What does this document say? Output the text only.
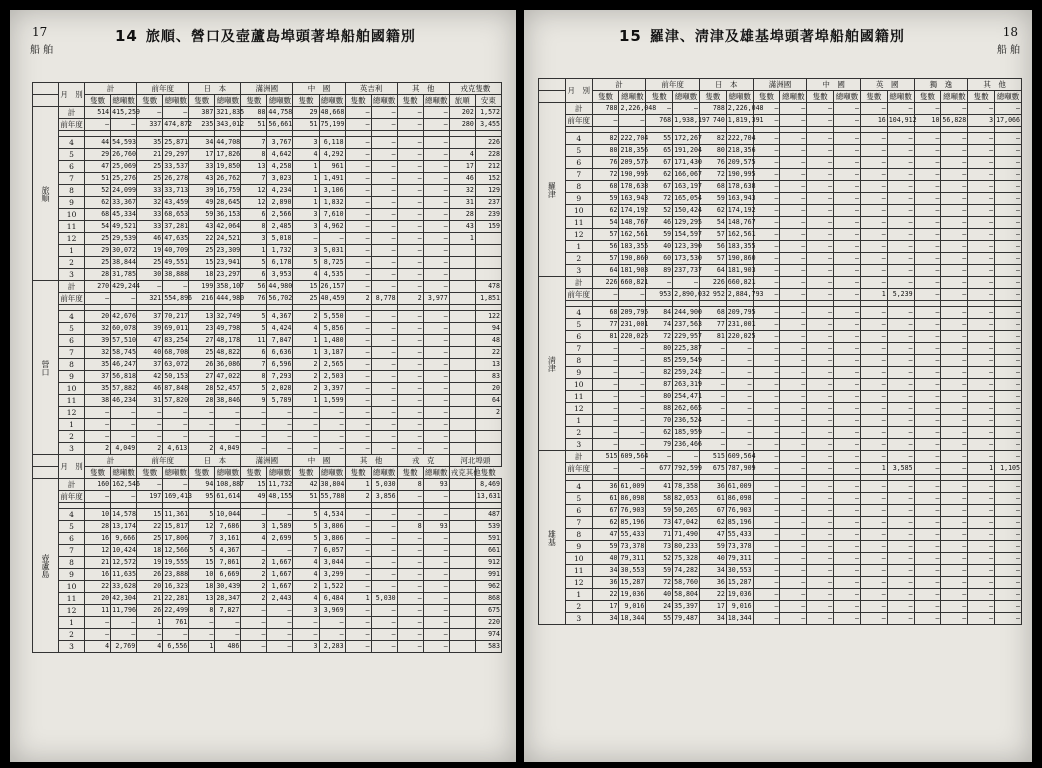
17
船 舶
14 旅順、營口及壺蘆島埠頭著埠船舶國籍別
	月　別	計		前年度		日　本		滿洲國		中　國		英吉利		其　他		戎克隻數	
		隻數	總噸數	隻數	總噸數	隻數	總噸數	隻數	總噸數	隻數	總噸數	隻數	總噸數	隻數	總噸數	旅順	安東
旅順	計	514	415,259	—	—	387	321,835	88	44,758	29	48,668	—	—	—	—	202	1,572
	前年度	—	—	337	474,872	235	343,012	51	56,661	51	75,199	—	—	—	—	280	3,455

	4	44	54,593	35	25,871	34	44,708	7	3,767	3	6,118	—	—	—	—		226
	5	29	26,760	21	29,297	17	17,826	8	4,642	4	4,292	—	—	—	—	4	228
	6	47	25,069	25	33,537	33	19,850	13	4,258	1	961	—	—	—	—	17	212
	7	51	25,276	25	26,278	43	26,762	7	3,023	1	1,491	—	—	—	—	46	152
	8	52	24,099	33	33,713	39	16,759	12	4,234	1	3,106	—	—	—	—	32	129
	9	62	33,367	32	43,459	49	28,645	12	2,890	1	1,832	—	—	—	—	31	237
	10	68	45,334	33	68,653	59	36,153	6	2,566	3	7,610	—	—	—	—	28	239
	11	54	49,521	33	37,281	43	42,064	8	2,485	3	4,962	—	—	—	—	43	159
	12	25	29,539	46	47,635	22	24,521	3	5,018	—	—	—	—	—	—	1	
	1	29	30,072	19	40,709	25	23,309	1	1,732	3	5,031	—	—	—	—		
	2	25	38,844	25	49,551	15	23,941	5	6,178	5	8,725	—	—	—	—		
	3	28	31,785	30	38,888	18	23,297	6	3,953	4	4,535	—	—	—	—		
營口	計	270	429,244	—	—	199	358,107	56	44,980	15	26,157	—	—	—	—		478
	前年度	—	—	321	554,896	216	444,980	76	56,702	25	40,459	2	8,778	2	3,977		1,851

	4	20	42,676	37	70,217	13	32,749	5	4,367	2	5,550	—	—	—	—		122
	5	32	60,078	39	69,011	23	49,798	5	4,424	4	5,856	—	—	—	—		94
	6	39	57,510	47	83,254	27	48,178	11	7,847	1	1,480	—	—	—	—		48
	7	32	58,745	40	68,708	25	48,822	6	6,636	1	3,187	—	—	—	—		22
	8	35	46,247	37	63,072	26	36,086	7	6,596	2	2,565	—	—	—	—		13
	9	37	56,818	42	50,153	27	47,022	8	7,293	2	2,503	—	—	—	—		83
	10	35	57,882	46	87,848	28	52,457	5	2,028	2	3,397	—	—	—	—		20
	11	38	46,234	31	57,820	28	38,846	9	5,789	1	1,599	—	—	—	—		64
	12	—	—	—	—	—	—	—	—	—	—	—	—	—	—		2
	1	—	—	—	—	—	—	—	—	—	—	—	—	—	—		
	2	—	—	—	—	—	—	—	—	—	—	—	—	—	—		
	3	2	4,049	2	4,613	2	4,049	—	—	—	—	—	—	—	—		
	月　別	計		前年度		日　本		滿洲國		中　國		其　他		戎　克		河北埠頭	
		隻數	總噸數	隻數	總噸數	隻數	總噸數	隻數	總噸數	隻數	總噸數	隻數	總噸數	隻數	總噸數	戎克其他隻數	
壺蘆島	計	160	162,546	—	—	94	108,887	15	11,732	42	38,804	1	5,030	8	93		8,469
	前年度	—	—	197	169,413	95	61,614	49	48,155	51	55,788	2	3,856	—	—		13,631

	4	10	14,578	15	11,361	5	10,044	—	—	5	4,534	—	—	—	—		487
	5	28	13,174	22	15,817	12	7,686	3	1,589	5	3,806	—	—	8	93		539
	6	16	9,666	25	17,806	7	3,161	4	2,699	5	3,806	—	—	—	—		591
	7	12	10,424	18	12,566	5	4,367	—	—	7	6,057	—	—	—	—		661
	8	21	12,572	19	19,555	15	7,861	2	1,667	4	3,044	—	—	—	—		912
	9	16	11,635	26	23,888	10	6,669	2	1,667	4	3,299	—	—	—	—		991
	10	22	33,628	20	16,323	18	30,439	2	1,667	2	1,522	—	—	—	—		962
	11	20	42,304	21	22,281	13	28,347	2	2,443	4	6,484	1	5,030	—	—		868
	12	11	11,796	26	22,499	8	7,827	—	—	3	3,969	—	—	—	—		675
	1	—	—	1	761	—	—	—	—	—	—	—	—	—	—		220
	2	—	—	—	—	—	—	—	—	—	—	—	—	—	—		974
	3	4	2,769	4	6,556	1	486	—	—	3	2,283	—	—	—	—		583
18
船 舶
15 羅津、淸津及雄基埠頭著埠船舶國籍別
	月　別	計		前年度		日　本		滿洲國		中　國		英　國		獨　逸		其　他	
		隻數	總噸數	隻數	總噸數	隻數	總噸數	隻數	總噸數	隻數	總噸數	隻數	總噸數	隻數	總噸數	隻數	總噸數
羅津	計	788	2,226,048	—	—	788	2,226,048	—	—	—	—	—	—	—	—	—	—
	前年度	—	—	768	1,938,197	740	1,819,391	—	—	—	—	16	104,912	10	56,828	3	17,066

	4	82	222,704	55	172,267	82	222,704	—	—	—	—	—	—	—	—	—	—
	5	80	218,356	65	191,204	80	218,356	—	—	—	—	—	—	—	—	—	—
	6	76	209,575	67	171,430	76	209,575	—	—	—	—	—	—	—	—	—	—
	7	72	190,995	62	166,067	72	190,995	—	—	—	—	—	—	—	—	—	—
	8	68	178,638	67	163,197	68	178,638	—	—	—	—	—	—	—	—	—	—
	9	59	163,943	72	165,054	59	163,943	—	—	—	—	—	—	—	—	—	—
	10	62	174,192	52	150,424	62	174,192	—	—	—	—	—	—	—	—	—	—
	11	54	148,767	46	129,295	54	148,767	—	—	—	—	—	—	—	—	—	—
	12	57	162,561	59	154,597	57	162,561	—	—	—	—	—	—	—	—	—	—
	1	56	183,355	40	123,390	56	183,355	—	—	—	—	—	—	—	—	—	—
	2	57	190,860	60	173,530	57	190,860	—	—	—	—	—	—	—	—	—	—
	3	64	181,903	89	237,737	64	181,903	—	—	—	—	—	—	—	—	—	—
淸津	計	226	660,821	—	—	226	660,821	—	—	—	—	—	—	—	—	—	—
	前年度	—	—	953	2,890,032	952	2,884,793	—	—	—	—	1	5,239	—	—	—	—

	4	68	209,795	84	244,900	68	209,795	—	—	—	—	—	—	—	—	—	—
	5	77	231,001	74	237,563	77	231,001	—	—	—	—	—	—	—	—	—	—
	6	81	220,025	72	229,957	81	220,025	—	—	—	—	—	—	—	—	—	—
	7	—	—	80	225,387	—	—	—	—	—	—	—	—	—	—	—	—
	8	—	—	85	259,549	—	—	—	—	—	—	—	—	—	—	—	—
	9	—	—	82	259,242	—	—	—	—	—	—	—	—	—	—	—	—
	10	—	—	87	263,319	—	—	—	—	—	—	—	—	—	—	—	—
	11	—	—	80	254,471	—	—	—	—	—	—	—	—	—	—	—	—
	12	—	—	88	262,665	—	—	—	—	—	—	—	—	—	—	—	—
	1	—	—	70	236,524	—	—	—	—	—	—	—	—	—	—	—	—
	2	—	—	62	185,959	—	—	—	—	—	—	—	—	—	—	—	—
	3	—	—	79	236,466	—	—	—	—	—	—	—	—	—	—	—	—
雄基	計	515	609,564	—	—	515	609,564	—	—	—	—	—	—	—	—	—	—
	前年度	—	—	677	792,599	675	787,909	—	—	—	—	1	3,585	—	—	1	1,105

	4	36	61,009	41	78,358	36	61,009	—	—	—	—	—	—	—	—	—	—
	5	61	86,098	58	82,053	61	86,098	—	—	—	—	—	—	—	—	—	—
	6	67	76,903	59	50,265	67	76,903	—	—	—	—	—	—	—	—	—	—
	7	62	85,196	73	47,042	62	85,196	—	—	—	—	—	—	—	—	—	—
	8	47	55,433	71	71,490	47	55,433	—	—	—	—	—	—	—	—	—	—
	9	59	73,378	73	80,233	59	73,378	—	—	—	—	—	—	—	—	—	—
	10	40	79,311	52	75,328	40	79,311	—	—	—	—	—	—	—	—	—	—
	11	34	30,553	59	74,282	34	30,553	—	—	—	—	—	—	—	—	—	—
	12	36	15,287	72	58,760	36	15,287	—	—	—	—	—	—	—	—	—	—
	1	22	19,036	40	58,804	22	19,036	—	—	—	—	—	—	—	—	—	—
	2	17	9,016	24	35,397	17	9,016	—	—	—	—	—	—	—	—	—	—
	3	34	18,344	55	79,487	34	18,344	—	—	—	—	—	—	—	—	—	—
